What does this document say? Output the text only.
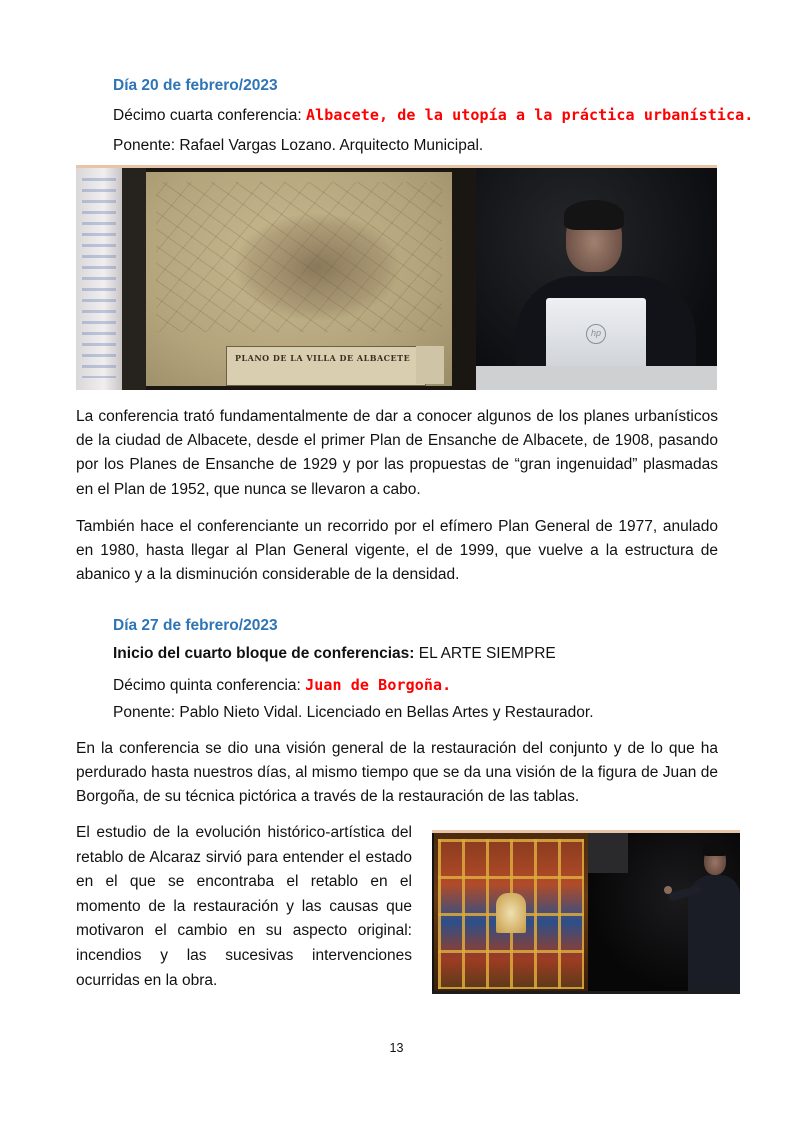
Día 20 de febrero/2023
Décimo cuarta conferencia: Albacete, de la utopía a la práctica urbanística.
Ponente: Rafael Vargas Lozano. Arquitecto Municipal.
PLANO DE LA VILLA DE ALBACETE
hp
La conferencia trató fundamentalmente de dar a conocer algunos de los planes urbanísticos de la ciudad de Albacete, desde el primer Plan de Ensanche de Albacete, de 1908, pasando por los Planes de Ensanche de 1929 y por las propuestas de “gran ingenuidad” plasmadas en el Plan de 1952, que nunca se llevaron a cabo.
También hace el conferenciante un recorrido por el efímero Plan General de 1977, anulado en 1980, hasta llegar al Plan General vigente, el de 1999, que vuelve a la estructura de abanico y a la disminución considerable de la densidad.
Día 27 de febrero/2023
Inicio del cuarto bloque de conferencias: EL ARTE SIEMPRE
Décimo quinta conferencia: Juan de Borgoña.
Ponente: Pablo Nieto Vidal. Licenciado en Bellas Artes y Restaurador.
En la conferencia se dio una visión general de la restauración del conjunto y de lo que ha perdurado hasta nuestros días, al mismo tiempo que se da una visión de la figura de Juan de Borgoña, de su técnica pictórica a través de la restauración de las tablas.
El estudio de la evolución histórico-artística del retablo de Alcaraz sirvió para entender el estado en el que se encontraba el retablo en el momento de la restauración y las causas que motivaron el cambio en su aspecto original: incendios y las sucesivas intervenciones ocurridas en la obra.
13
